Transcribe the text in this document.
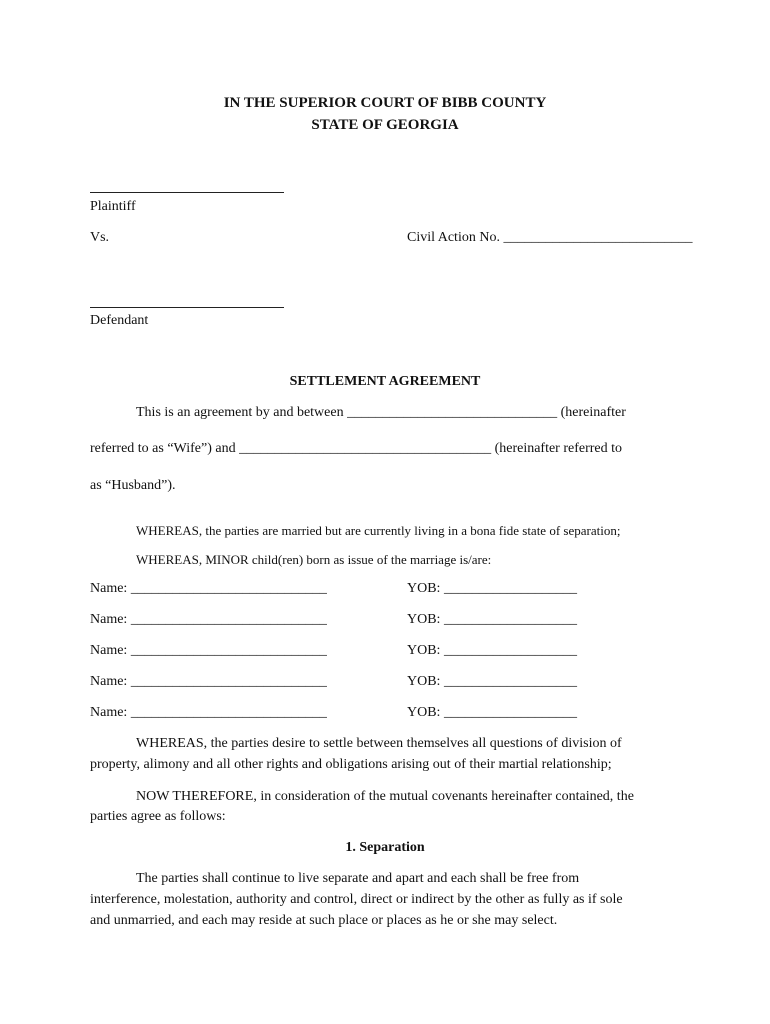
IN THE SUPERIOR COURT OF BIBB COUNTY
STATE OF GEORGIA
Plaintiff
Vs.	Civil Action No. ___________________________
Defendant
SETTLEMENT AGREEMENT
This is an agreement by and between ______________________________ (hereinafter
referred to as “Wife”) and ____________________________________ (hereinafter referred to
as “Husband”).
WHEREAS, the parties are married but are currently living in a bona fide state of separation;
WHEREAS, MINOR child(ren) born as issue of the marriage is/are:
Name: ____________________________	YOB: ___________________
Name: ____________________________	YOB: ___________________
Name: ____________________________	YOB: ___________________
Name: ____________________________	YOB: ___________________
Name: ____________________________	YOB: ___________________
WHEREAS, the parties desire to settle between themselves all questions of division of
property, alimony and all other rights and obligations arising out of their martial relationship;
NOW THEREFORE, in consideration of the mutual covenants hereinafter contained, the
parties agree as follows:
1. Separation
The parties shall continue to live separate and apart and each shall be free from
interference, molestation, authority and control, direct or indirect by the other as fully as if sole
and unmarried, and each may reside at such place or places as he or she may select.
